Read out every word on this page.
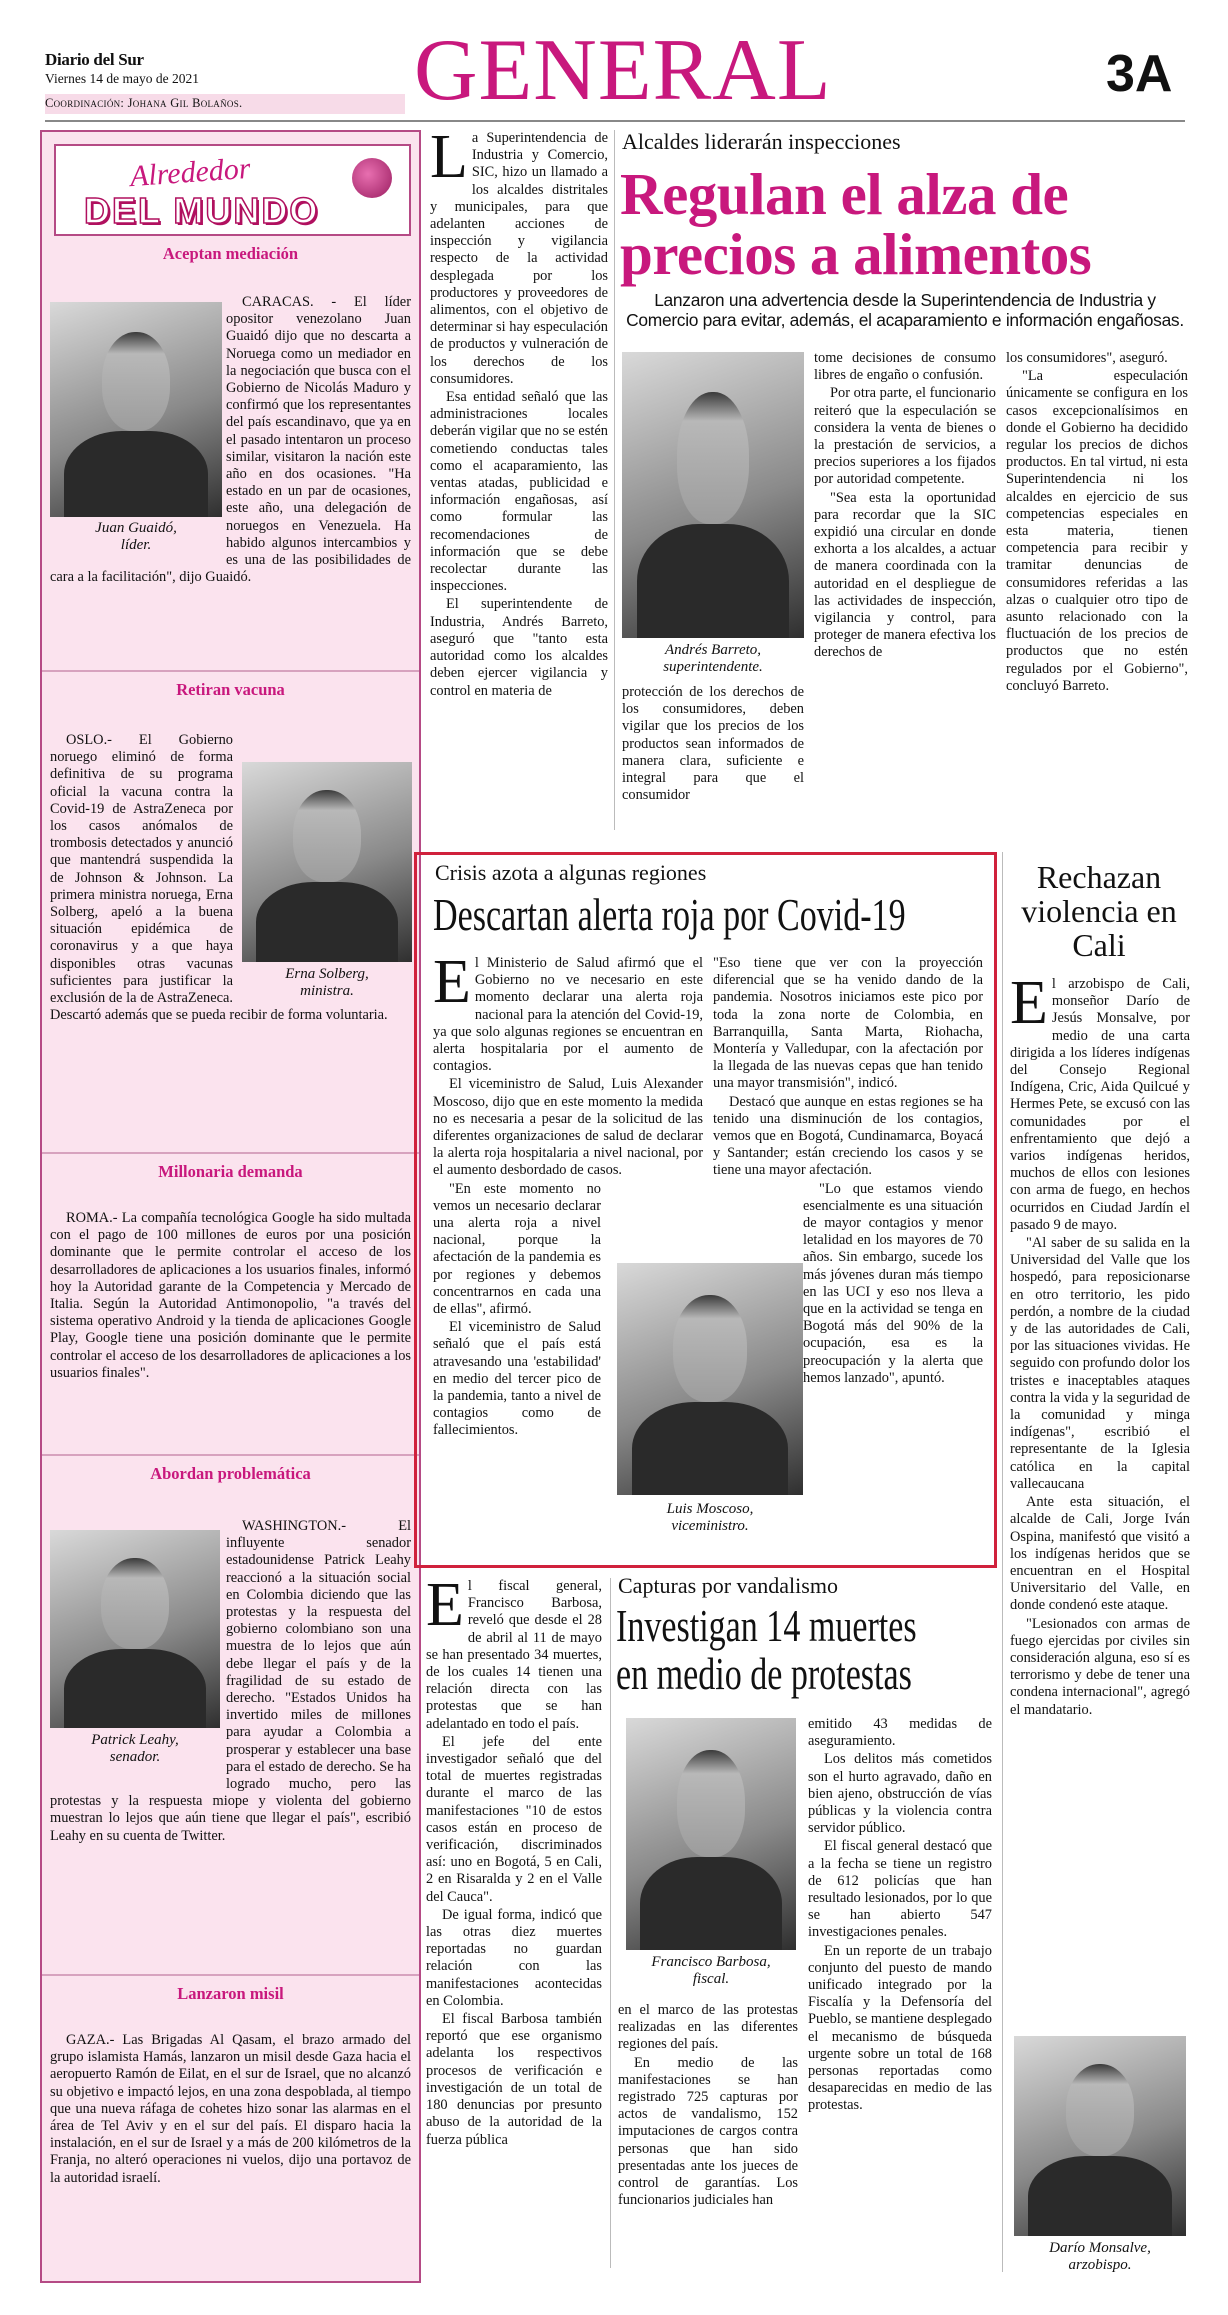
Diario del Sur
Viernes 14 de mayo de 2021
Coordinación: Johana Gil Bolaños. GENERAL	3A
Alrededor
DEL MUNDO
Aceptan mediación
Juan Guaidó,
líder.

CARACAS. - El líder opositor venezolano Juan Guaidó dijo que no descarta a Noruega como un mediador en la negociación que busca con el Gobierno de Nicolás Maduro y confirmó que los representantes del país escandinavo, que ya en el pasado intentaron un proceso similar, visitaron la nación este año en dos ocasiones. "Ha estado en un par de ocasiones, este año, una delegación de noruegos en Venezuela. Ha habido algunos intercambios y es una de las posibilidades de cara a la facilitación", dijo Guaidó.

Retiran vacuna
Erna Solberg,
ministra.

OSLO.- El Gobierno noruego eliminó de forma definitiva de su programa oficial la vacuna contra la Covid-19 de AstraZeneca por los casos anómalos de trombosis detectados y anunció que mantendrá suspendida la de Johnson & Johnson. La primera ministra noruega, Erna Solberg, apeló a la buena situación epidémica de coronavirus y a que haya disponibles otras vacunas suficientes para justificar la exclusión de la de AstraZeneca. Descartó además que se pueda recibir de forma voluntaria.

Millonaria demanda

ROMA.- La compañía tecnológica Google ha sido multada con el pago de 100 millones de euros por una posición dominante que le permite controlar el acceso de los desarrolladores de aplicaciones a los usuarios finales, informó hoy la Autoridad garante de la Competencia y Mercado de Italia. Según la Autoridad Antimonopolio, "a través del sistema operativo Android y la tienda de aplicaciones Google Play, Google tiene una posición dominante que le permite controlar el acceso de los desarrolladores de aplicaciones a los usuarios finales".

Abordan problemática
Patrick Leahy,
senador.

WASHINGTON.- El influyente senador estadounidense Patrick Leahy reaccionó a la situación social en Colombia diciendo que las protestas y la respuesta del gobierno colombiano son una muestra de lo lejos que aún debe llegar el país y de la fragilidad de su estado de derecho. "Estados Unidos ha invertido miles de millones para ayudar a Colombia a prosperar y establecer una base para el estado de derecho. Se ha logrado mucho, pero las protestas y la respuesta miope y violenta del gobierno muestran lo lejos que aún tiene que llegar el país", escribió Leahy en su cuenta de Twitter.

Lanzaron misil

GAZA.- Las Brigadas Al Qasam, el brazo armado del grupo islamista Hamás, lanzaron un misil desde Gaza hacia el aeropuerto Ramón de Eilat, en el sur de Israel, que no alcanzó su objetivo e impactó lejos, en una zona despoblada, al tiempo que una nueva ráfaga de cohetes hizo sonar las alarmas en el área de Tel Aviv y en el sur del país. El disparo hacia la instalación, en el sur de Israel y a más de 200 kilómetros de la Franja, no alteró operaciones ni vuelos, dijo una portavoz de la autoridad israelí.

La Superintendencia de Industria y Comercio, SIC, hizo un llamado a los alcaldes distritales y municipales, para que adelanten acciones de inspección y vigilancia respecto de la actividad desplegada por los productores y proveedores de alimentos, con el objetivo de determinar si hay especulación de productos y vulneración de los derechos de los consumidores.

Esa entidad señaló que las administraciones locales deberán vigilar que no se estén cometiendo conductas tales como el acaparamiento, las ventas atadas, publicidad e información engañosas, así como formular las recomendaciones de información que se debe recolectar durante las inspecciones.

El superintendente de Industria, Andrés Barreto, aseguró que "tanto esta autoridad como los alcaldes deben ejercer vigilancia y control en materia de

Alcaldes liderarán inspecciones
Regulan el alza de precios a alimentos
Lanzaron una advertencia desde la Superintendencia de Industria y Comercio para evitar, además, el acaparamiento e información engañosas.
Andrés Barreto,
superintendente.

protección de los derechos de los consumidores, deben vigilar que los precios de los productos sean informados de manera clara, suficiente e integral para que el consumidor

tome decisiones de consumo libres de engaño o confusión.

Por otra parte, el funcionario reiteró que la especulación se considera la venta de bienes o la prestación de servicios, a precios superiores a los fijados por autoridad competente.

"Sea esta la oportunidad para recordar que la SIC expidió una circular en donde exhorta a los alcaldes, a actuar de manera coordinada con la autoridad en el despliegue de las actividades de inspección, vigilancia y control, para proteger de manera efectiva los derechos de

los consumidores", aseguró.

"La especulación únicamente se configura en los casos excepcionalísimos en donde el Gobierno ha decidido regular los precios de dichos productos. En tal virtud, ni esta Superintendencia ni los alcaldes en ejercicio de sus competencias especiales en esta materia, tienen competencia para recibir y tramitar denuncias de consumidores referidas a las alzas o cualquier otro tipo de asunto relacionado con la fluctuación de los precios de productos que no estén regulados por el Gobierno", concluyó Barreto.

Crisis azota a algunas regiones
Descartan alerta roja por Covid-19

El Ministerio de Salud afirmó que el Gobierno no ve necesario en este momento declarar una alerta roja nacional para la atención del Covid-19, ya que solo algunas regiones se encuentran en alerta hospitalaria por el aumento de contagios.

El viceministro de Salud, Luis Alexander Moscoso, dijo que en este momento la medida no es necesaria a pesar de la solicitud de las diferentes organizaciones de salud de declarar la alerta roja hospitalaria a nivel nacional, por el aumento desbordado de casos.

"En este momento no vemos un necesario declarar una alerta roja a nivel nacional, porque la afectación de la pandemia es por regiones y debemos concentrarnos en cada una de ellas", afirmó.

El viceministro de Salud señaló que el país está atravesando una 'estabilidad' en medio del tercer pico de la pandemia, tanto a nivel de contagios como de fallecimientos.

"Eso tiene que ver con la proyección diferencial que se ha venido dando de la pandemia. Nosotros iniciamos este pico por toda la zona norte de Colombia, en Barranquilla, Santa Marta, Riohacha, Montería y Valledupar, con la afectación por la llegada de las nuevas cepas que han tenido una mayor transmisión", indicó.

Destacó que aunque en estas regiones se ha tenido una disminución de los contagios, vemos que en Bogotá, Cundinamarca, Boyacá y Santander; están creciendo los casos y se tiene una mayor afectación.

"Lo que estamos viendo esencialmente es una situación de mayor contagios y menor letalidad en los mayores de 70 años. Sin embargo, sucede los más jóvenes duran más tiempo en las UCI y eso nos lleva a que en la actividad se tenga en Bogotá más del 90% de la ocupación, esa es la preocupación y la alerta que hemos lanzado", apuntó.

Luis Moscoso,
viceministro.
Rechazan violencia en Cali

El arzobispo de Cali, monseñor Darío de Jesús Monsalve, por medio de una carta dirigida a los líderes indígenas del Consejo Regional Indígena, Cric, Aida Quilcué y Hermes Pete, se excusó con las comunidades por el enfrentamiento que dejó a varios indígenas heridos, muchos de ellos con lesiones con arma de fuego, en hechos ocurridos en Ciudad Jardín el pasado 9 de mayo.

"Al saber de su salida en la Universidad del Valle que los hospedó, para reposicionarse en otro territorio, les pido perdón, a nombre de la ciudad y de las autoridades de Cali, por las situaciones vividas. He seguido con profundo dolor los tristes e inaceptables ataques contra la vida y la seguridad de la comunidad y minga indígenas", escribió el representante de la Iglesia católica en la capital vallecaucana

Ante esta situación, el alcalde de Cali, Jorge Iván Ospina, manifestó que visitó a los indígenas heridos que se encuentran en el Hospital Universitario del Valle, en donde condenó este ataque.

"Lesionados con armas de fuego ejercidas por civiles sin consideración alguna, eso sí es terrorismo y debe de tener una condena internacional", agregó el mandatario.

Darío Monsalve,
arzobispo.

El fiscal general, Francisco Barbosa, reveló que desde el 28 de abril al 11 de mayo se han presentado 34 muertes, de los cuales 14 tienen una relación directa con las protestas que se han adelantado en todo el país.

El jefe del ente investigador señaló que del total de muertes registradas durante el marco de las manifestaciones "10 de estos casos están en proceso de verificación, discriminados así: uno en Bogotá, 5 en Cali, 2 en Risaralda y 2 en el Valle del Cauca".

De igual forma, indicó que las otras diez muertes reportadas no guardan relación con las manifestaciones acontecidas en Colombia.

El fiscal Barbosa también reportó que ese organismo adelanta los respectivos procesos de verificación e investigación de un total de 180 denuncias por presunto abuso de la autoridad de la fuerza pública

Capturas por vandalismo
Investigan 14 muertes
en medio de protestas
Francisco Barbosa,
fiscal.

en el marco de las protestas realizadas en las diferentes regiones del país.

En medio de las manifestaciones se han registrado 725 capturas por actos de vandalismo, 152 imputaciones de cargos contra personas que han sido presentadas ante los jueces de control de garantías. Los funcionarios judiciales han

emitido 43 medidas de aseguramiento.

Los delitos más cometidos son el hurto agravado, daño en bien ajeno, obstrucción de vías públicas y la violencia contra servidor público.

El fiscal general destacó que a la fecha se tiene un registro de 612 policías que han resultado lesionados, por lo que se han abierto 547 investigaciones penales.

En un reporte de un trabajo conjunto del puesto de mando unificado integrado por la Fiscalía y la Defensoría del Pueblo, se mantiene desplegado el mecanismo de búsqueda urgente sobre un total de 168 personas reportadas como desaparecidas en medio de las protestas.
